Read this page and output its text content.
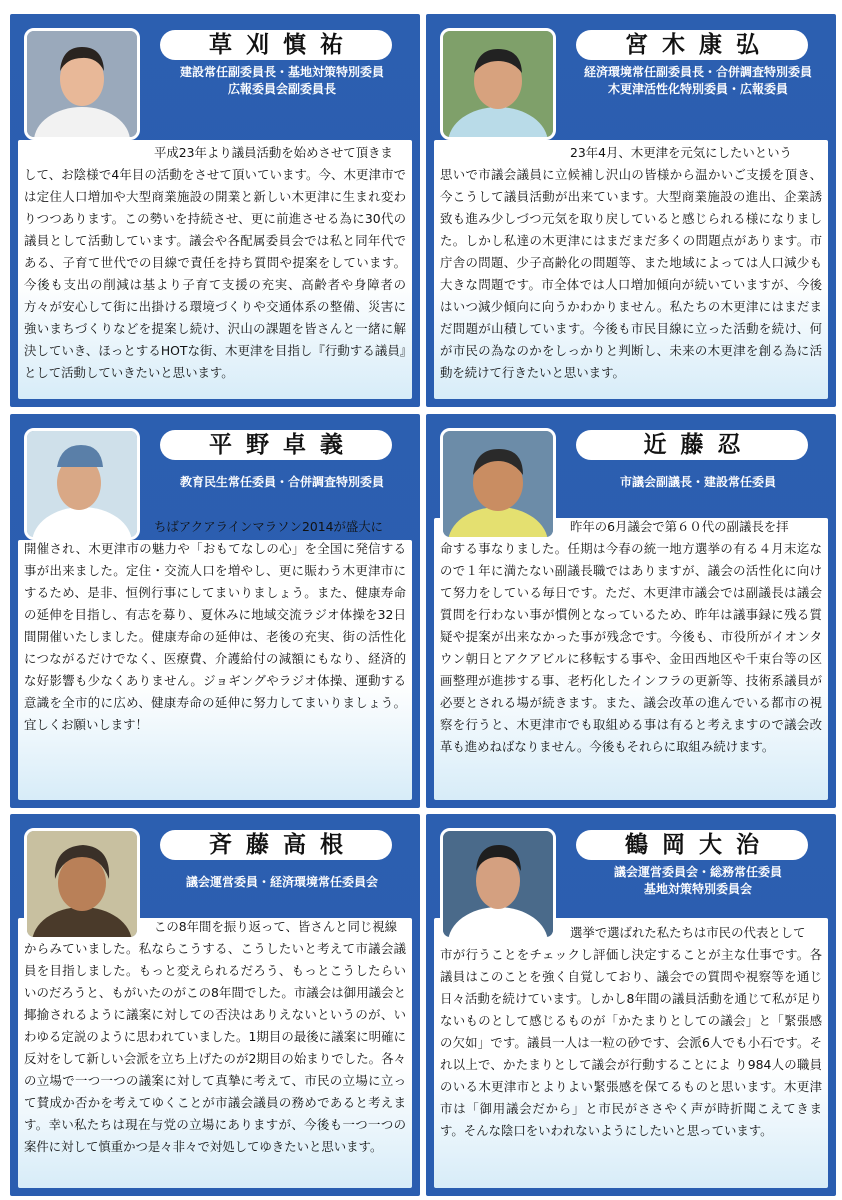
草刈慎祐
建設常任副委員長・基地対策特別委員
広報委員会副委員長
平成23年より議員活動を始めさせて頂きま
して、お陰様で4年目の活動をさせて頂いています。今、木更津市では定住人口増加や大型商業施設の開業と新しい木更津に生まれ変わりつつあります。この勢いを持続させ、更に前進させる為に30代の議員として活動しています。議会や各配属委員会では私と同年代である、子育て世代での目線で責任を持ち質問や提案をしています。今後も支出の削減は基より子育て支援の充実、高齢者や身障者の方々が安心して街に出掛ける環境づくりや交通体系の整備、災害に強いまちづくりなどを提案し続け、沢山の課題を皆さんと一緒に解決していき、ほっとするHOTな街、木更津を目指し『行動する議員』として活動していきたいと思います。
宮木康弘
経済環境常任副委員長・合併調査特別委員
木更津活性化特別委員・広報委員
23年4月、木更津を元気にしたいという
思いで市議会議員に立候補し沢山の皆様から温かいご支援を頂き、今こうして議員活動が出来ています。大型商業施設の進出、企業誘致も進み少しづつ元気を取り戻していると感じられる様になりました。しかし私達の木更津にはまだまだ多くの問題点があります。市庁舎の問題、少子高齢化の問題等、また地域によっては人口減少も大きな問題です。市全体では人口増加傾向が続いていますが、今後はいつ減少傾向に向うかわかりません。私たちの木更津にはまだまだ問題が山積しています。今後も市民目線に立った活動を続け、何が市民の為なのかをしっかりと判断し、未来の木更津を創る為に活動を続けて行きたいと思います。
平野卓義
教育民生常任委員・合併調査特別委員
ちばアクアラインマラソン2014が盛大に
開催され、木更津市の魅力や「おもてなしの心」を全国に発信する事が出来ました。定住・交流人口を増やし、更に賑わう木更津市にするため、是非、恒例行事にしてまいりましょう。また、健康寿命の延伸を目指し、有志を募り、夏休みに地域交流ラジオ体操を32日間開催いたしました。健康寿命の延伸は、老後の充実、街の活性化につながるだけでなく、医療費、介護給付の減額にもなり、経済的な好影響も少なくありません。ジョギングやラジオ体操、運動する意識を全市的に広め、健康寿命の延伸に努力してまいりましょう。宜しくお願いします！
近藤忍
市議会副議長・建設常任委員
昨年の6月議会で第６０代の副議長を拝
命する事なりました。任期は今春の統一地方選挙の有る４月末迄なので１年に満たない副議長職ではありますが、議会の活性化に向けて努力をしている毎日です。ただ、木更津市議会では副議長は議会質問を行わない事が慣例となっているため、昨年は議事録に残る質疑や提案が出来なかった事が残念です。今後も、市役所がイオンタウン朝日とアクアビルに移転する事や、金田西地区や千束台等の区画整理が進捗する事、老朽化したインフラの更新等、技術系議員が必要とされる場が続きます。また、議会改革の進んでいる都市の視察を行うと、木更津市でも取組める事は有ると考えますので議会改革も進めねばなりません。今後もそれらに取組み続けます。
斉藤高根
議会運営委員・経済環境常任委員会
この8年間を振り返って、皆さんと同じ視線
からみていました。私ならこうする、こうしたいと考えて市議会議員を目指しました。もっと変えられるだろう、もっとこうしたらいいのだろうと、もがいたのがこの8年間でした。市議会は御用議会と揶揄されるように議案に対しての否決はありえないというのが、いわゆる定説のように思われていました。1期目の最後に議案に明確に反対をして新しい会派を立ち上げたのが2期目の始まりでした。各々の立場で一つ一つの議案に対して真摯に考えて、市民の立場に立って賛成か否かを考えてゆくことが市議会議員の務めであると考えます。幸い私たちは現在与党の立場にありますが、今後も一つ一つの案件に対して慎重かつ是々非々で対処してゆきたいと思います。
鶴岡大治
議会運営委員会・総務常任委員
基地対策特別委員会
選挙で選ばれた私たちは市民の代表として
市が行うことをチェックし評価し決定することが主な仕事です。各議員はこのことを強く自覚しており、議会での質問や視察等を通じ日々活動を続けています。しかし8年間の議員活動を通じて私が足りないものとして感じるものが「かたまりとしての議会」と「緊張感の欠如」です。議員一人は一粒の砂です、会派6人でも小石です。それ以上で、かたまりとして議会が行動することによ り984人の職員のいる木更津市とよりよい緊張感を保てるものと思います。木更津市は「御用議会だから」と市民がささやく声が時折聞こえてきます。そんな陰口をいわれないようにしたいと思っています。
